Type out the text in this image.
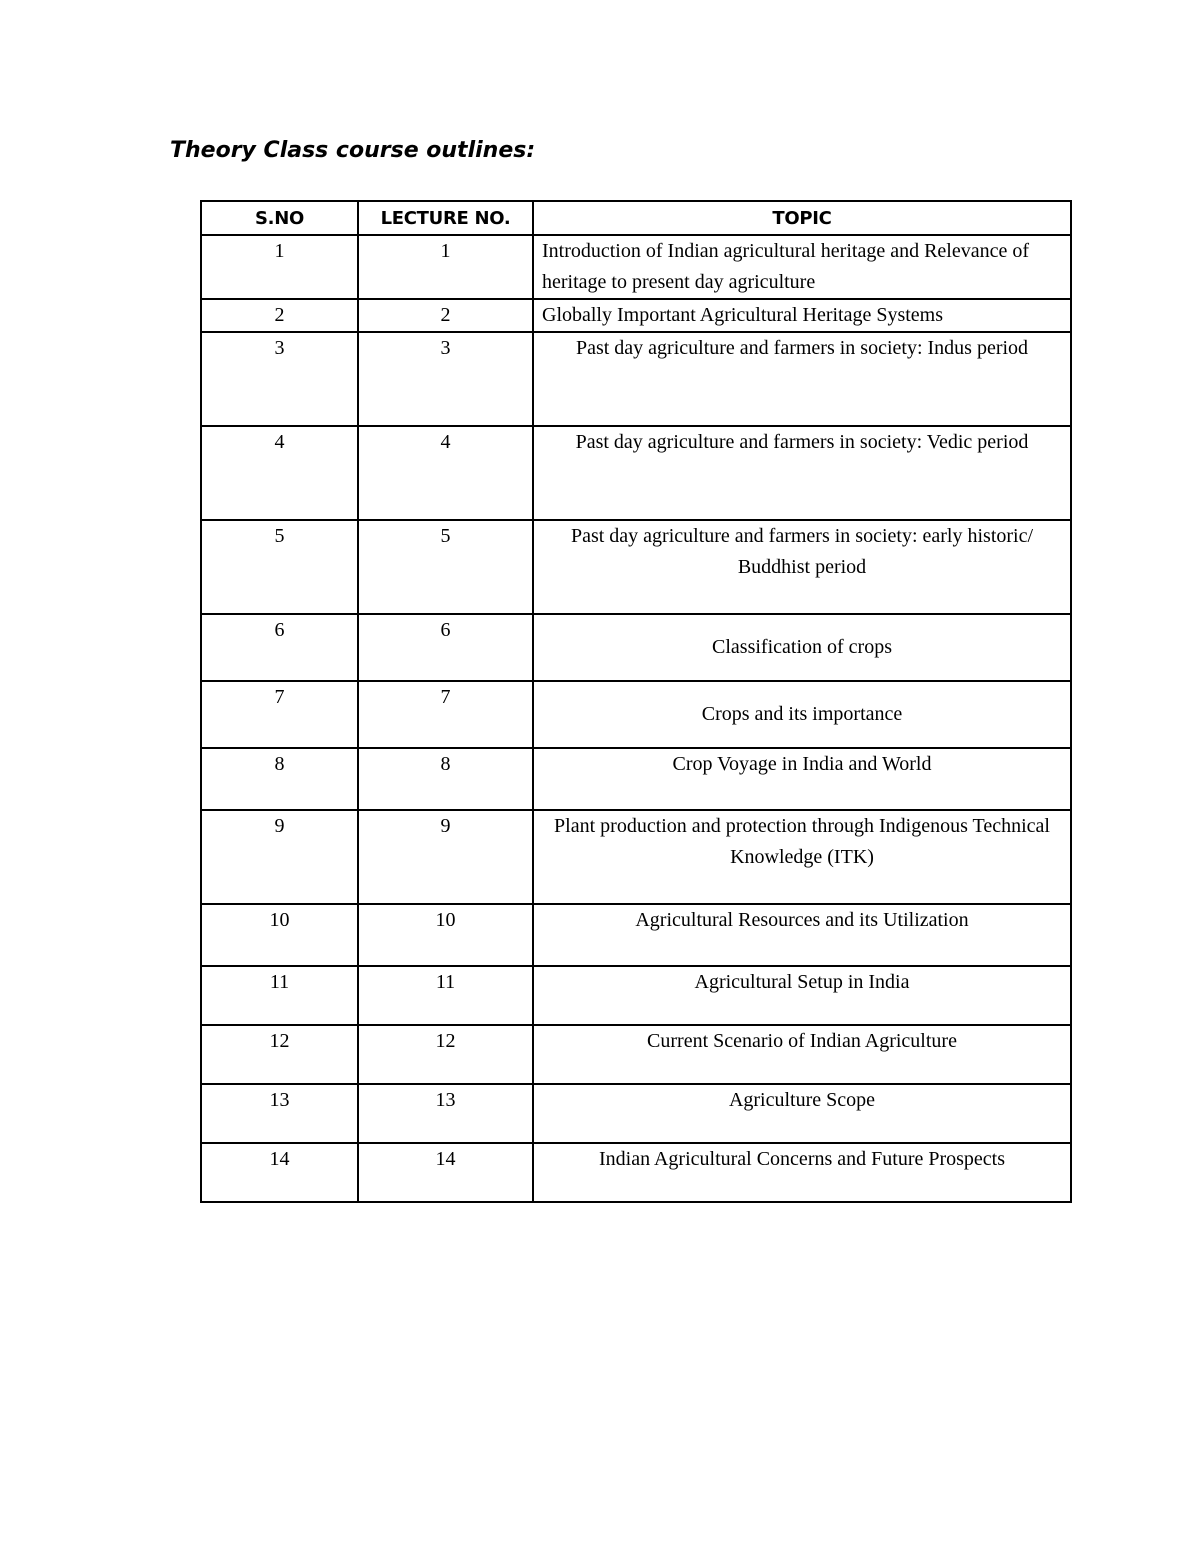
Theory Class course outlines:
S.NO	LECTURE NO.	TOPIC
1	1	Introduction of Indian agricultural heritage and Relevance of heritage to present day agriculture
2	2	Globally Important Agricultural Heritage Systems
3	3	Past day agriculture and farmers in society: Indus period
4	4	Past day agriculture and farmers in society: Vedic period
5	5	Past day agriculture and farmers in society: early historic/ Buddhist period
6	6	Classification of crops
7	7	Crops and its importance
8	8	Crop Voyage in India and World
9	9	Plant production and protection through Indigenous Technical Knowledge (ITK)
10	10	Agricultural Resources and its Utilization
11	11	Agricultural Setup in India
12	12	Current Scenario of Indian Agriculture
13	13	Agriculture Scope
14	14	Indian Agricultural Concerns and Future Prospects
